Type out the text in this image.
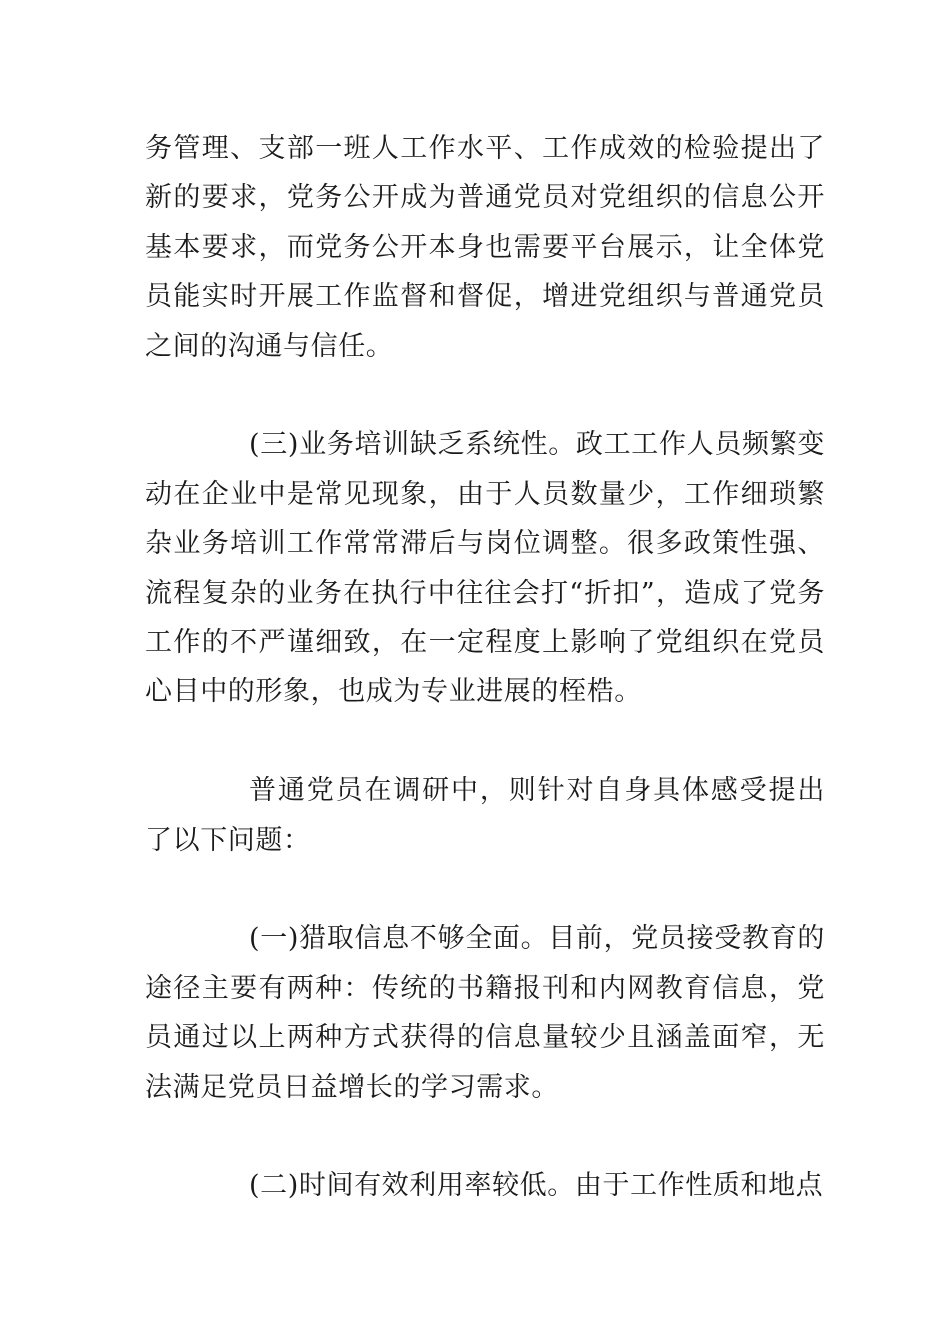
务管理、支部一班人工作水平、工作成效的检验提出了新的要求，党务公开成为普通党员对党组织的信息公开基本要求，而党务公开本身也需要平台展示，让全体党员能实时开展工作监督和督促，增进党组织与普通党员之间的沟通与信任。

(三)业务培训缺乏系统性。政工工作人员频繁变动在企业中是常见现象，由于人员数量少，工作细琐繁杂业务培训工作常常滞后与岗位调整。很多政策性强、流程复杂的业务在执行中往往会打“折扣”，造成了党务工作的不严谨细致，在一定程度上影响了党组织在党员心目中的形象，也成为专业进展的桎梏。

普通党员在调研中，则针对自身具体感受提出了以下问题：

(一)猎取信息不够全面。目前，党员接受教育的途径主要有两种：传统的书籍报刊和内网教育信息，党员通过以上两种方式获得的信息量较少且涵盖面窄，无法满足党员日益增长的学习需求。

(二)时间有效利用率较低。由于工作性质和地点
